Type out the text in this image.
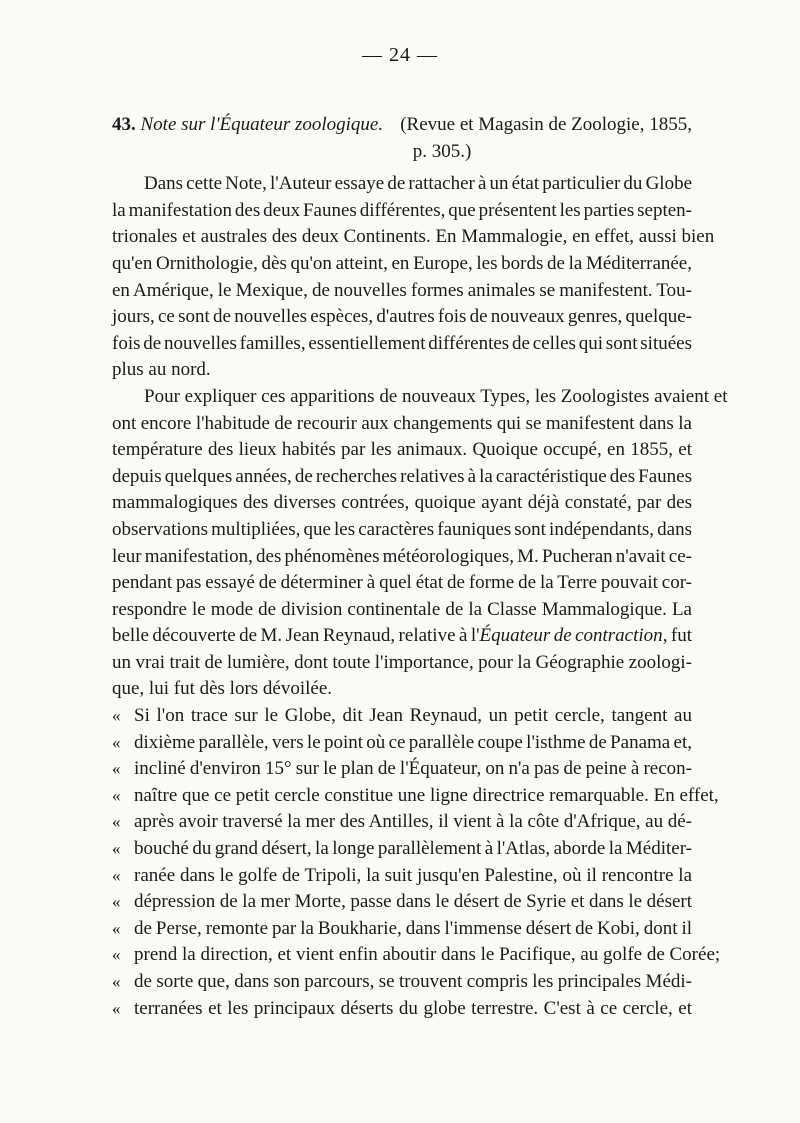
— 24 —
43. Note sur l'Équateur zoologique. (Revue et Magasin de Zoologie, 1855,
p. 305.)
Dans cette Note, l'Auteur essaye de rattacher à un état particulier du Globe
la manifestation des deux Faunes différentes, que présentent les parties septen-
trionales et australes des deux Continents. En Mammalogie, en effet, aussi bien
qu'en Ornithologie, dès qu'on atteint, en Europe, les bords de la Méditerranée,
en Amérique, le Mexique, de nouvelles formes animales se manifestent. Tou-
jours, ce sont de nouvelles espèces, d'autres fois de nouveaux genres, quelque-
fois de nouvelles familles, essentiellement différentes de celles qui sont situées
plus au nord.
Pour expliquer ces apparitions de nouveaux Types, les Zoologistes avaient et
ont encore l'habitude de recourir aux changements qui se manifestent dans la
température des lieux habités par les animaux. Quoique occupé, en 1855, et
depuis quelques années, de recherches relatives à la caractéristique des Faunes
mammalogiques des diverses contrées, quoique ayant déjà constaté, par des
observations multipliées, que les caractères fauniques sont indépendants, dans
leur manifestation, des phénomènes météorologiques, M. Pucheran n'avait ce-
pendant pas essayé de déterminer à quel état de forme de la Terre pouvait cor-
respondre le mode de division continentale de la Classe Mammalogique. La
belle découverte de M. Jean Reynaud, relative à l'Équateur de contraction, fut
un vrai trait de lumière, dont toute l'importance, pour la Géographie zoologi-
que, lui fut dès lors dévoilée.
« Si l'on trace sur le Globe, dit Jean Reynaud, un petit cercle, tangent au
« dixième parallèle, vers le point où ce parallèle coupe l'isthme de Panama et,
« incliné d'environ 15° sur le plan de l'Équateur, on n'a pas de peine à recon-
« naître que ce petit cercle constitue une ligne directrice remarquable. En effet,
« après avoir traversé la mer des Antilles, il vient à la côte d'Afrique, au dé-
« bouché du grand désert, la longe parallèlement à l'Atlas, aborde la Méditer-
« ranée dans le golfe de Tripoli, la suit jusqu'en Palestine, où il rencontre la
« dépression de la mer Morte, passe dans le désert de Syrie et dans le désert
« de Perse, remonte par la Boukharie, dans l'immense désert de Kobi, dont il
« prend la direction, et vient enfin aboutir dans le Pacifique, au golfe de Corée;
« de sorte que, dans son parcours, se trouvent compris les principales Médi-
« terranées et les principaux déserts du globe terrestre. C'est à ce cercle, et
